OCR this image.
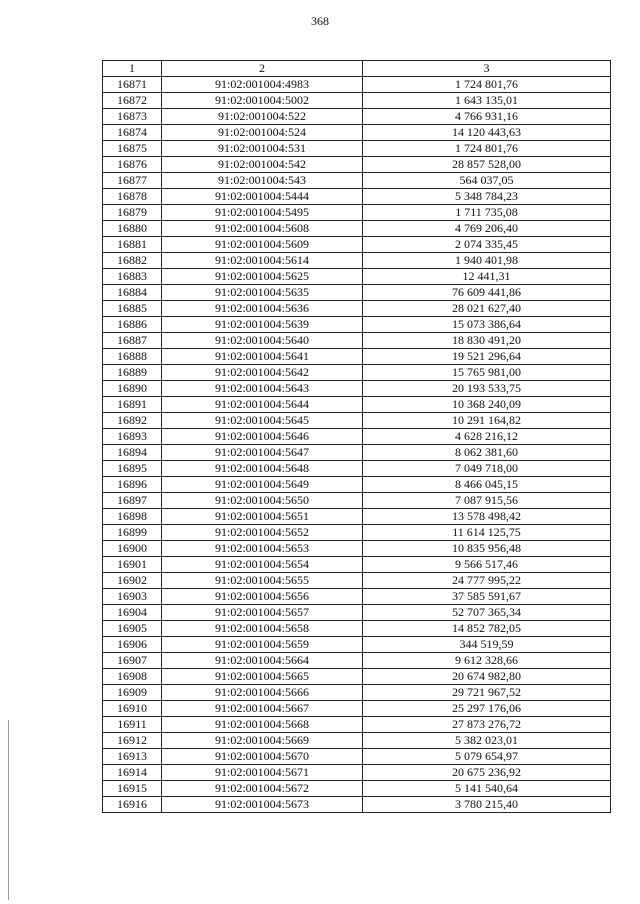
368
1	2	3
16871	91:02:001004:4983	1 724 801,76
16872	91:02:001004:5002	1 643 135,01
16873	91:02:001004:522	4 766 931,16
16874	91:02:001004:524	14 120 443,63
16875	91:02:001004:531	1 724 801,76
16876	91:02:001004:542	28 857 528,00
16877	91:02:001004:543	564 037,05
16878	91:02:001004:5444	5 348 784,23
16879	91:02:001004:5495	1 711 735,08
16880	91:02:001004:5608	4 769 206,40
16881	91:02:001004:5609	2 074 335,45
16882	91:02:001004:5614	1 940 401,98
16883	91:02:001004:5625	12 441,31
16884	91:02:001004:5635	76 609 441,86
16885	91:02:001004:5636	28 021 627,40
16886	91:02:001004:5639	15 073 386,64
16887	91:02:001004:5640	18 830 491,20
16888	91:02:001004:5641	19 521 296,64
16889	91:02:001004:5642	15 765 981,00
16890	91:02:001004:5643	20 193 533,75
16891	91:02:001004:5644	10 368 240,09
16892	91:02:001004:5645	10 291 164,82
16893	91:02:001004:5646	4 628 216,12
16894	91:02:001004:5647	8 062 381,60
16895	91:02:001004:5648	7 049 718,00
16896	91:02:001004:5649	8 466 045,15
16897	91:02:001004:5650	7 087 915,56
16898	91:02:001004:5651	13 578 498,42
16899	91:02:001004:5652	11 614 125,75
16900	91:02:001004:5653	10 835 956,48
16901	91:02:001004:5654	9 566 517,46
16902	91:02:001004:5655	24 777 995,22
16903	91:02:001004:5656	37 585 591,67
16904	91:02:001004:5657	52 707 365,34
16905	91:02:001004:5658	14 852 782,05
16906	91:02:001004:5659	344 519,59
16907	91:02:001004:5664	9 612 328,66
16908	91:02:001004:5665	20 674 982,80
16909	91:02:001004:5666	29 721 967,52
16910	91:02:001004:5667	25 297 176,06
16911	91:02:001004:5668	27 873 276,72
16912	91:02:001004:5669	5 382 023,01
16913	91:02:001004:5670	5 079 654,97
16914	91:02:001004:5671	20 675 236,92
16915	91:02:001004:5672	5 141 540,64
16916	91:02:001004:5673	3 780 215,40
